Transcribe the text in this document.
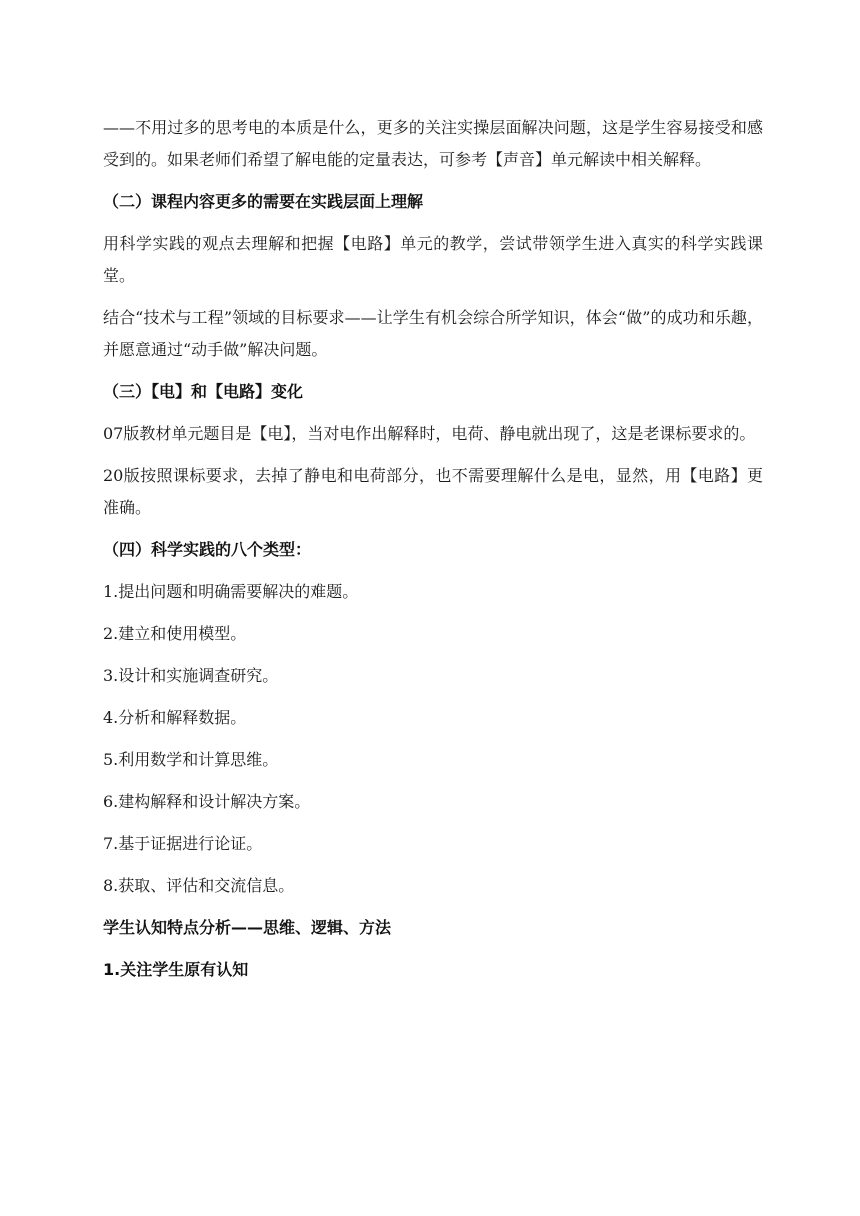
——不用过多的思考电的本质是什么，更多的关注实操层面解决问题，这是学生容易接受和感受到的。如果老师们希望了解电能的定量表达，可参考【声音】单元解读中相关解释。

（二）课程内容更多的需要在实践层面上理解

用科学实践的观点去理解和把握【电路】单元的教学，尝试带领学生进入真实的科学实践课堂。

结合“技术与工程”领域的目标要求——让学生有机会综合所学知识，体会“做”的成功和乐趣，并愿意通过“动手做”解决问题。

（三）【电】和【电路】变化

07版教材单元题目是【电】，当对电作出解释时，电荷、静电就出现了，这是老课标要求的。

20版按照课标要求，去掉了静电和电荷部分，也不需要理解什么是电，显然，用【电路】更准确。

（四）科学实践的八个类型：

1.提出问题和明确需要解决的难题。

2.建立和使用模型。

3.设计和实施调查研究。

4.分析和解释数据。

5.利用数学和计算思维。

6.建构解释和设计解决方案。

7.基于证据进行论证。

8.获取、评估和交流信息。

学生认知特点分析——思维、逻辑、方法

1.关注学生原有认知
